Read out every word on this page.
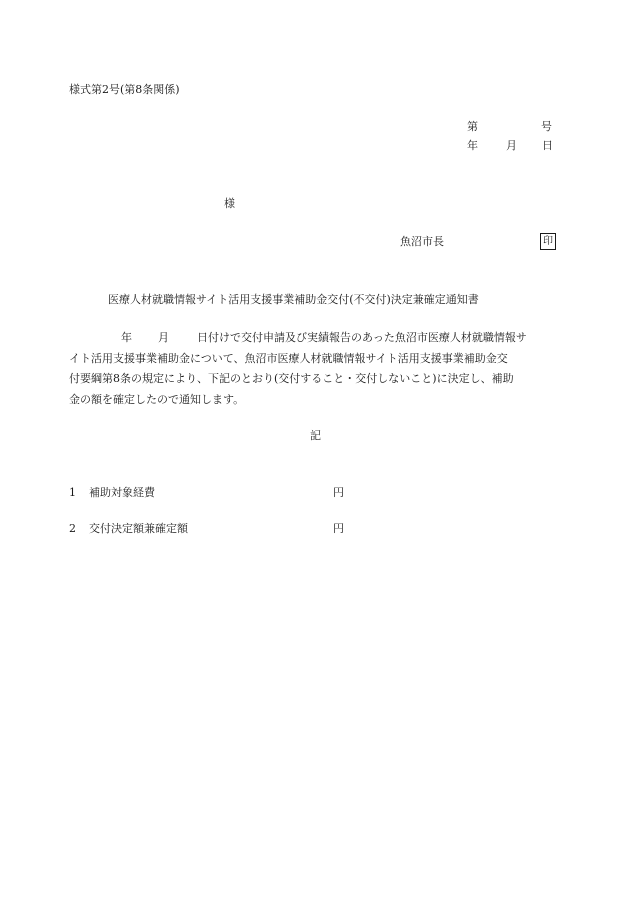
様式第2号(第8条関係)
第	号
年	月 日
様
魚沼市長	印
医療人材就職情報サイト活用支援事業補助金交付(不交付)決定兼確定通知書
年 月	日付けで交付申請及び実績報告のあった魚沼市医療人材就職情報サ
イト活用支援事業補助金について、魚沼市医療人材就職情報サイト活用支援事業補助金交
付要綱第8条の規定により、下記のとおり(交付すること・交付しないこと)に決定し、補助
金の額を確定したので通知します。
記
1 補助対象経費	円
2 交付決定額兼確定額	円
